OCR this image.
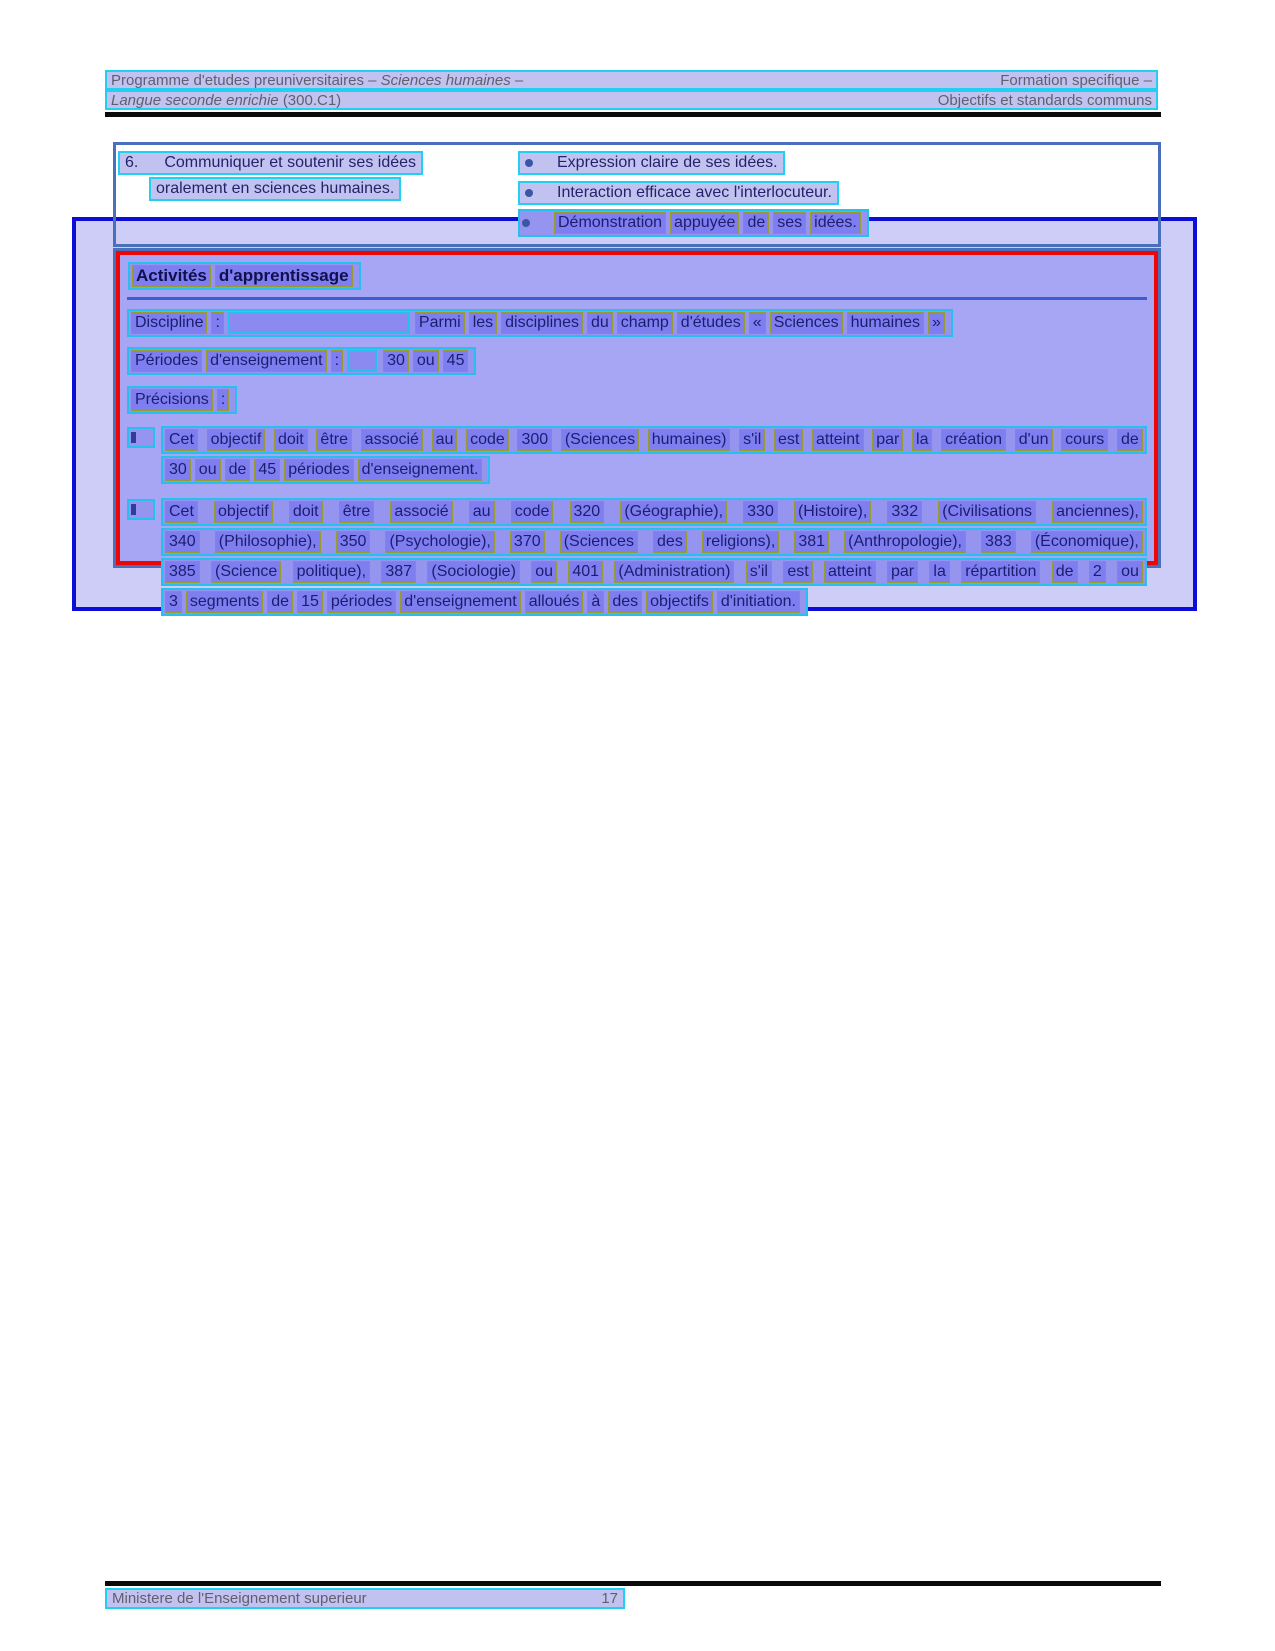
Programme d'etudes preuniversitaires – Sciences humaines –	Formation specifique –
Langue seconde enrichie (300.C1)	Objectifs et standards communs
6. Communiquer et soutenir ses idées
oralement en sciences humaines.
Expression claire de ses idées.
Interaction efficace avec l'interlocuteur.
Démonstration appuyée de ses idées.
Activités d'apprentissage
Discipline :	Parmi les disciplines du champ d'études « Sciences humaines »
Périodes d'enseignement :	30 ou 45
Précisions :
Cet objectif doit être associé au code 300 (Sciences humaines) s'il est atteint par la création d'un cours de
30 ou de 45 périodes d'enseignement.
Cet objectif doit être associé au code 320 (Géographie), 330 (Histoire), 332 (Civilisations anciennes),
340 (Philosophie), 350 (Psychologie), 370 (Sciences des religions), 381 (Anthropologie), 383 (Économique),
385 (Science politique), 387 (Sociologie) ou 401 (Administration) s'il est atteint par la répartition de 2 ou
3 segments de 15 périodes d'enseignement alloués à des objectifs d'initiation.
Ministere de l'Enseignement superieur	17
